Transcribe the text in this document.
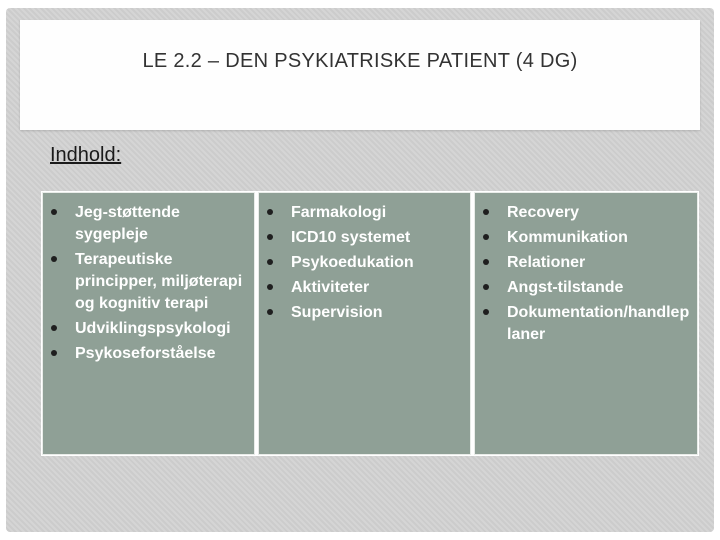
LE 2.2 – DEN PSYKIATRISKE PATIENT (4 DG)
Indhold:
Jeg-støttende sygepleje
Terapeutiske principper, miljøterapi og kognitiv terapi
Udviklingspsykologi
Psykoseforståelse
Farmakologi
ICD10 systemet
Psykoedukation
Aktiviteter
Supervision
Recovery
Kommunikation
Relationer
Angst-tilstande
Dokumentation/handleplaner
